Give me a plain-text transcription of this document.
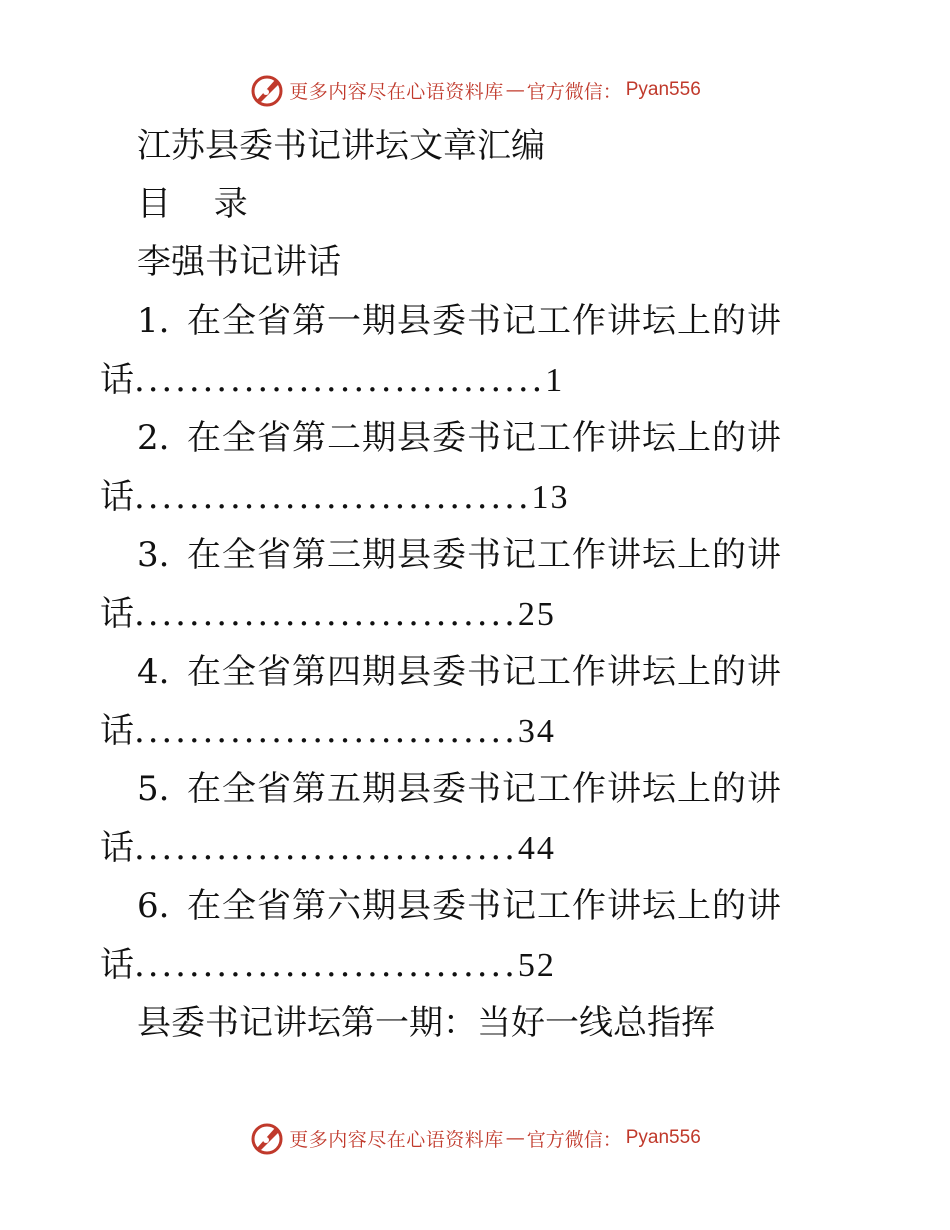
更多内容尽在心语资料库 — 官方微信： Pyan556
江苏县委书记讲坛文章汇编
目 录
李强书记讲话
1. 在全省第一期县委书记工作讲坛上的讲
话..............................1
2. 在全省第二期县委书记工作讲坛上的讲
话.............................13
3. 在全省第三期县委书记工作讲坛上的讲
话............................25
4. 在全省第四期县委书记工作讲坛上的讲
话............................34
5. 在全省第五期县委书记工作讲坛上的讲
话............................44
6. 在全省第六期县委书记工作讲坛上的讲
话............................52
县委书记讲坛第一期：当好一线总指挥
更多内容尽在心语资料库 — 官方微信： Pyan556
